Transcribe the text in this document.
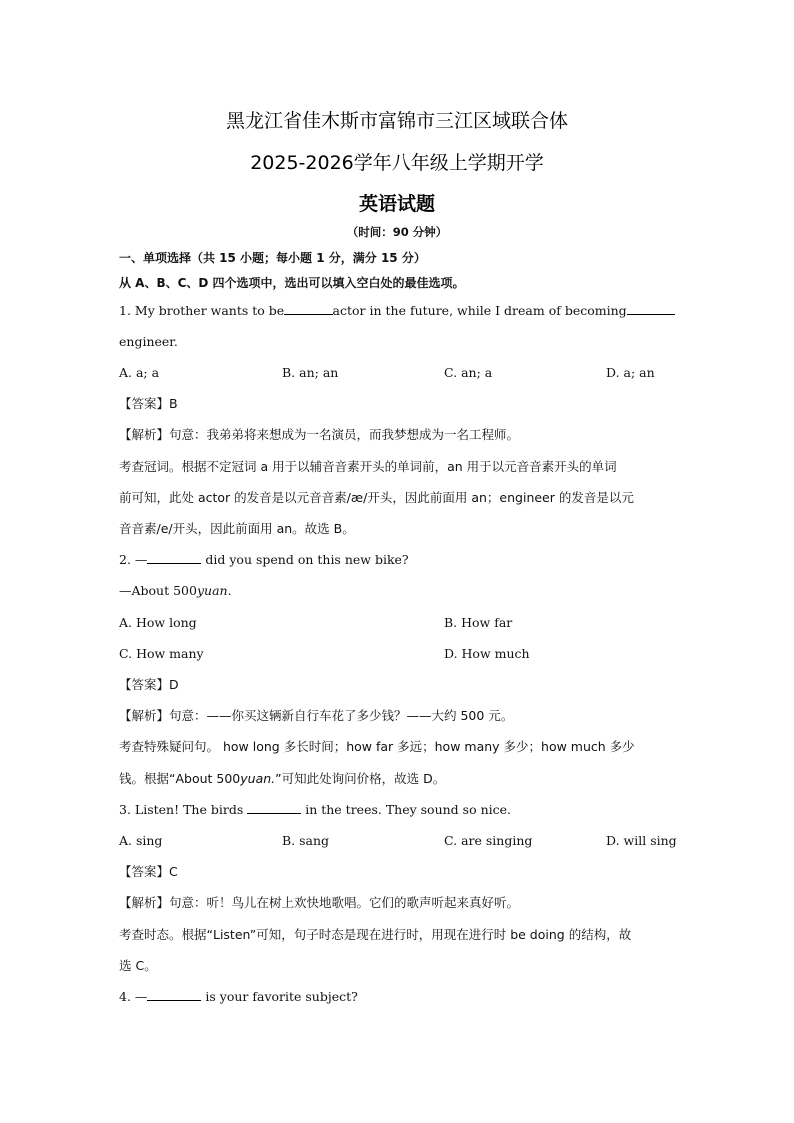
黑龙江省佳木斯市富锦市三江区域联合体
2025-2026学年八年级上学期开学
英语试题
（时间：90 分钟）
一、单项选择（共 15 小题；每小题 1 分，满分 15 分）
从 A、B、C、D 四个选项中，选出可以填入空白处的最佳选项。
1. My brother wants to be	actor in the future, while I dream of becoming
engineer.
A. a; a	B. an; an	C. an; a	D. a; an
【答案】B
【解析】句意：我弟弟将来想成为一名演员，而我梦想成为一名工程师。
考查冠词。根据不定冠词 a 用于以辅音音素开头的单词前，an 用于以元音音素开头的单词
前可知，此处 actor 的发音是以元音音素/æ/开头，因此前面用 an；engineer 的发音是以元
音音素/e/开头，因此前面用 an。故选 B。
2. —	did you spend on this new bike?
—About 500yuan.
A. How long	B. How far
C. How many	D. How much
【答案】D
【解析】句意：——你买这辆新自行车花了多少钱？——大约 500 元。
考查特殊疑问句。 how long 多长时间；how far 多远；how many 多少；how much 多少
钱。根据“About 500yuan.”可知此处询问价格，故选 D。
3. Listen! The birds	in the trees. They sound so nice.
A. sing	B. sang	C. are singing	D. will sing
【答案】C
【解析】句意：听！鸟儿在树上欢快地歌唱。它们的歌声听起来真好听。
考查时态。根据“Listen”可知，句子时态是现在进行时，用现在进行时 be doing 的结构，故
选 C。
4. —	is your favorite subject?
